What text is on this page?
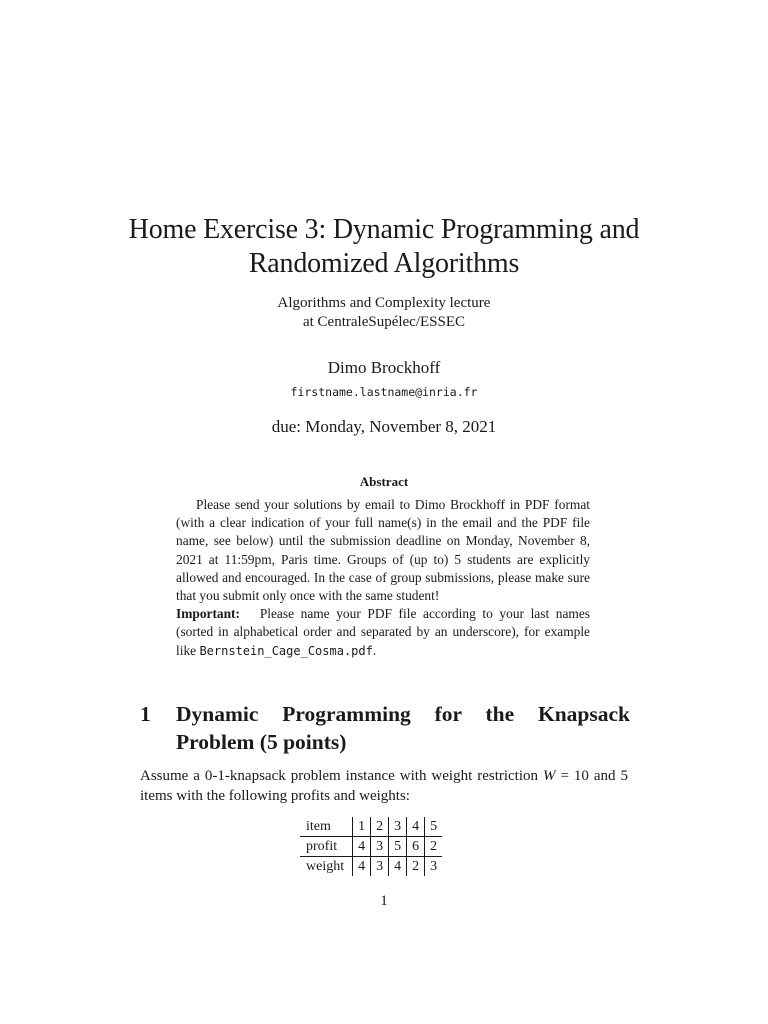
Home Exercise 3: Dynamic Programming and
Randomized Algorithms
Algorithms and Complexity lecture
at CentraleSupélec/ESSEC
Dimo Brockhoff
firstname.lastname@inria.fr
due: Monday, November 8, 2021
Abstract

Please send your solutions by email to Dimo Brockhoff in PDF format (with a clear indication of your full name(s) in the email and the PDF file name, see below) until the submission deadline on Monday, November 8, 2021 at 11:59pm, Paris time. Groups of (up to) 5 students are explicitly allowed and encouraged. In the case of group submissions, please make sure that you submit only once with the same student!

Important: Please name your PDF file according to your last names (sorted in alphabetical order and separated by an underscore), for example like Bernstein_Cage_Cosma.pdf.

1 Dynamic Programming for the Knapsack Problem (5 points)
Assume a 0-1-knapsack problem instance with weight restriction W = 10 and 5 items with the following profits and weights:
item	1	2	3	4	5
profit	4	3	5	6	2
weight	4	3	4	2	3
1
